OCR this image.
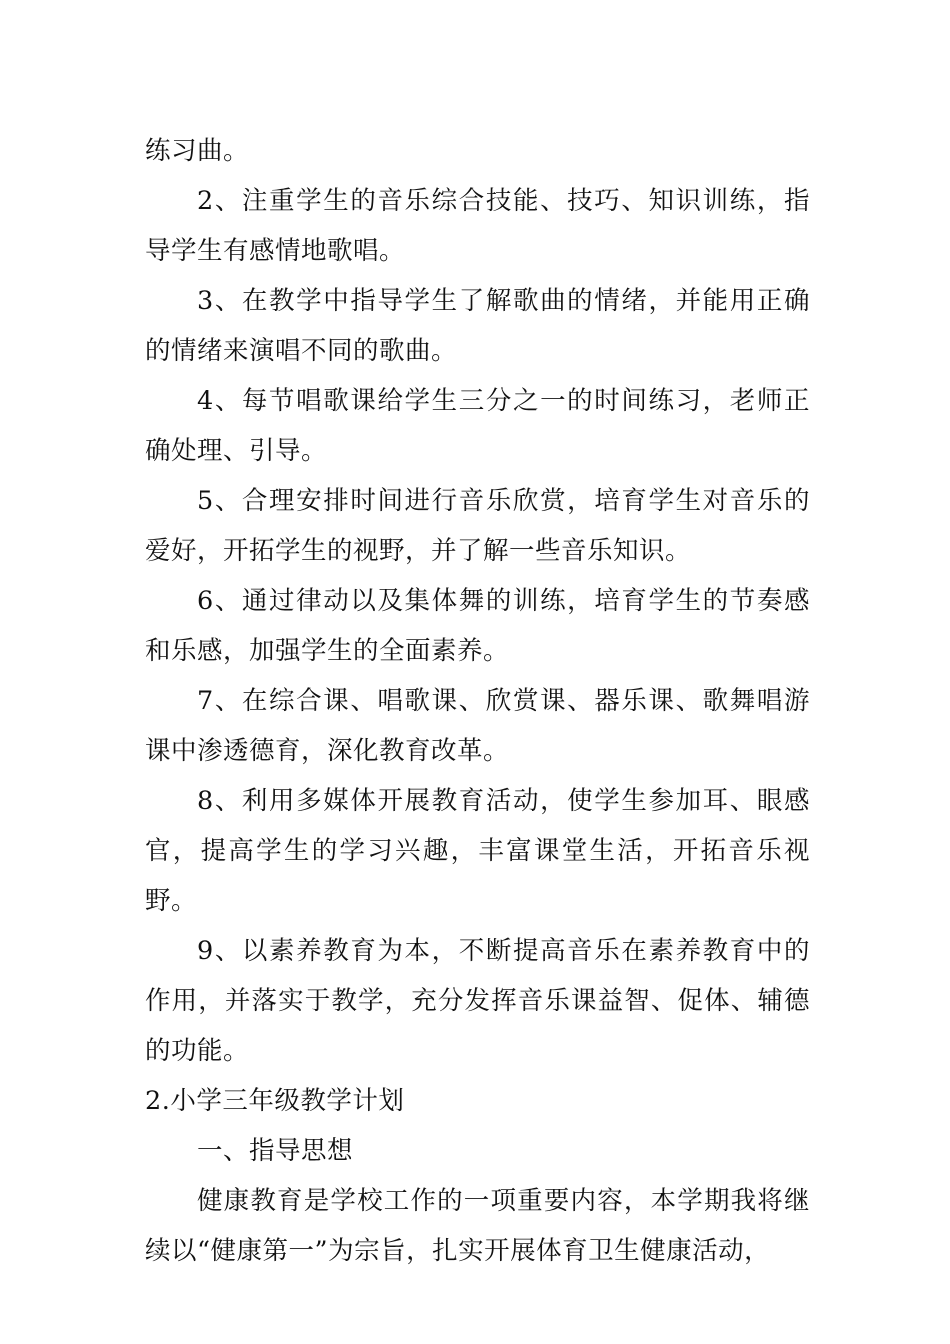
练习曲。

2、注重学生的音乐综合技能、技巧、知识训练，指导学生有感情地歌唱。

3、在教学中指导学生了解歌曲的情绪，并能用正确的情绪来演唱不同的歌曲。

4、每节唱歌课给学生三分之一的时间练习，老师正确处理、引导。

5、合理安排时间进行音乐欣赏，培育学生对音乐的爱好，开拓学生的视野，并了解一些音乐知识。

6、通过律动以及集体舞的训练，培育学生的节奏感和乐感，加强学生的全面素养。

7、在综合课、唱歌课、欣赏课、器乐课、歌舞唱游课中渗透德育，深化教育改革。

8、利用多媒体开展教育活动，使学生参加耳、眼感官，提高学生的学习兴趣，丰富课堂生活，开拓音乐视野。

9、以素养教育为本，不断提高音乐在素养教育中的作用，并落实于教学，充分发挥音乐课益智、促体、辅德的功能。

2.小学三年级教学计划

一、指导思想

健康教育是学校工作的一项重要内容，本学期我将继续以“健康第一”为宗旨，扎实开展体育卫生健康活动，
